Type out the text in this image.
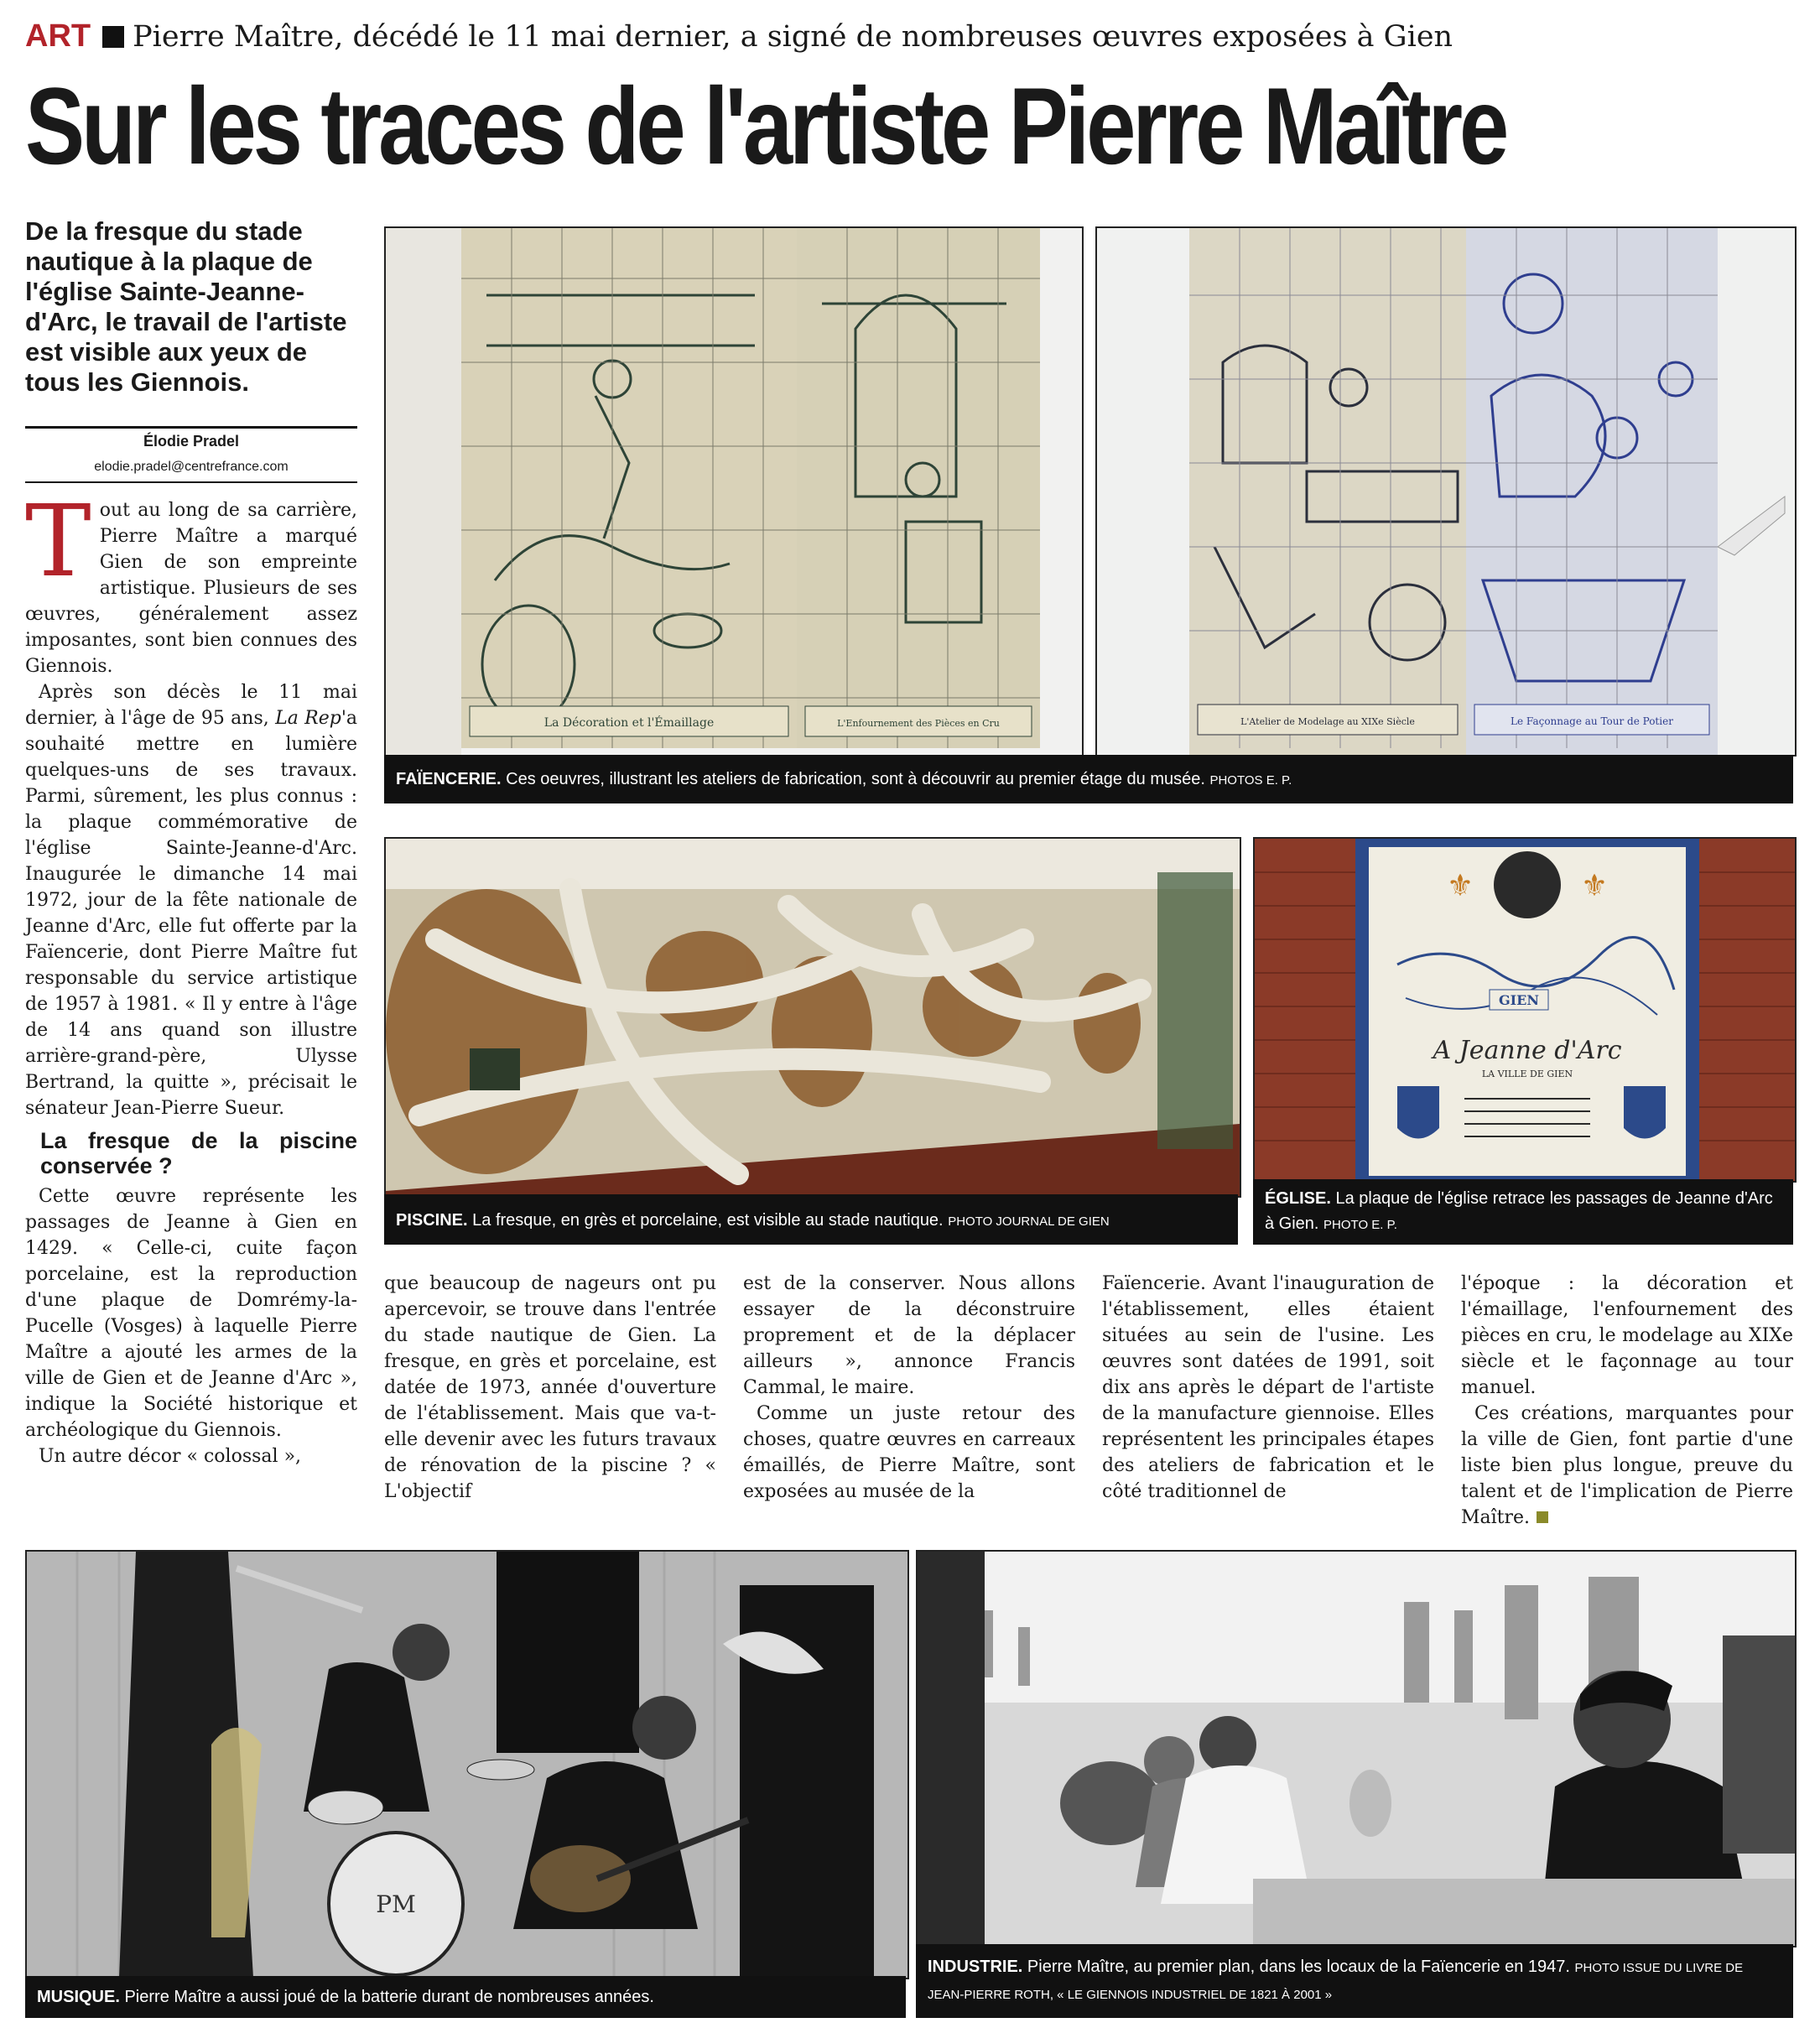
ART Pierre Maître, décédé le 11 mai dernier, a signé de nombreuses œuvres exposées à Gien
Sur les traces de l'artiste Pierre Maître
De la fresque du stade nautique à la plaque de l'église Sainte-Jeanne-d'Arc, le travail de l'artiste est visible aux yeux de tous les Giennois.
Élodie Pradel
elodie.pradel@centrefrance.com

Tout au long de sa carrière, Pierre Maître a marqué Gien de son empreinte artistique. Plusieurs de ses œuvres, généralement assez imposantes, sont bien connues des Giennois.

Après son décès le 11 mai dernier, à l'âge de 95 ans, La Rep'a souhaité mettre en lumière quelques-uns de ses travaux. Parmi, sûrement, les plus connus : la plaque commémorative de l'église Sainte-Jeanne-d'Arc. Inaugurée le dimanche 14 mai 1972, jour de la fête nationale de Jeanne d'Arc, elle fut offerte par la Faïencerie, dont Pierre Maître fut responsable du service artistique de 1957 à 1981. « Il y entre à l'âge de 14 ans quand son illustre arrière-grand-père, Ulysse Bertrand, la quitte », précisait le sénateur Jean-Pierre Sueur.

La fresque de la piscine conservée ?

Cette œuvre représente les passages de Jeanne à Gien en 1429. « Celle-ci, cuite façon porcelaine, est la reproduction d'une plaque de Domrémy-la-Pucelle (Vosges) à laquelle Pierre Maître a ajouté les armes de la ville de Gien et de Jeanne d'Arc », indique la Société historique et archéologique du Giennois.

Un autre décor « colossal »,

que beaucoup de nageurs ont pu apercevoir, se trouve dans l'entrée du stade nautique de Gien. La fresque, en grès et porcelaine, est datée de 1973, année d'ouverture de l'établissement. Mais que va-t-elle devenir avec les futurs travaux de rénovation de la piscine ? « L'objectif

est de la conserver. Nous allons essayer de la déconstruire proprement et de la déplacer ailleurs », annonce Francis Cammal, le maire.

Comme un juste retour des choses, quatre œuvres en carreaux émaillés, de Pierre Maître, sont exposées au musée de la

Faïencerie. Avant l'inauguration de l'établissement, elles étaient situées au sein de l'usine. Les œuvres sont datées de 1991, soit dix ans après le départ de l'artiste de la manufacture giennoise. Elles représentent les principales étapes des ateliers de fabrication et le côté traditionnel de

l'époque : la décoration et l'émaillage, l'enfournement des pièces en cru, le modelage au XIXe siècle et le façonnage au tour manuel.

Ces créations, marquantes pour la ville de Gien, font partie d'une liste bien plus longue, preuve du talent et de l'implication de Pierre Maître.

La Décoration et l'Émaillage	L'Enfournement des Pièces en Cru	L'Atelier de Modelage au XIXe Siècle	Le Façonnage au Tour de Potier
FAÏENCERIE. Ces oeuvres, illustrant les ateliers de fabrication, sont à découvrir au premier étage du musée. PHOTOS E. P.
PISCINE. La fresque, en grès et porcelaine, est visible au stade nautique. PHOTO JOURNAL DE GIEN
⚜	⚜
GIEN
A Jeanne d'Arc
LA VILLE DE GIEN
ÉGLISE. La plaque de l'église retrace les passages de Jeanne d'Arc à Gien. PHOTO E. P.
PM
MUSIQUE. Pierre Maître a aussi joué de la batterie durant de nombreuses années.
INDUSTRIE. Pierre Maître, au premier plan, dans les locaux de la Faïencerie en 1947. PHOTO ISSUE DU LIVRE DE JEAN-PIERRE ROTH, « LE GIENNOIS INDUSTRIEL DE 1821 À 2001 »
